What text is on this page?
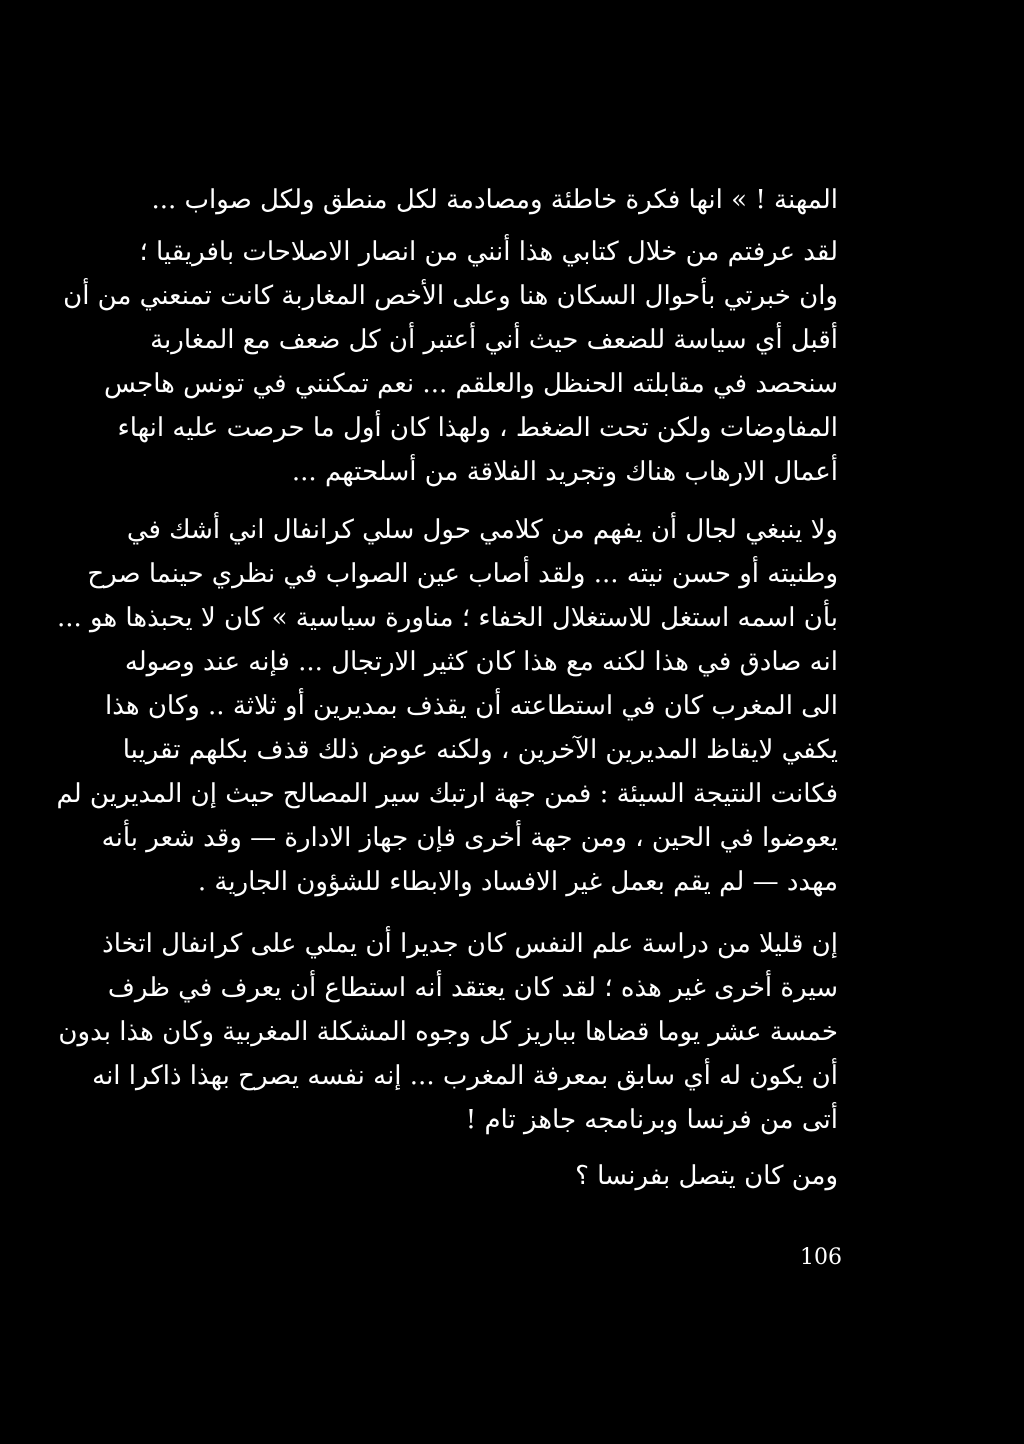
المهنة ! » انها فكرة خاطئة ومصادمة لكل منطق ولكل صواب ...
لقد عرفتم من خلال كتابي هذا أنني من انصار الاصلاحات بافريقيا ؛
وان خبرتي بأحوال السكان هنا وعلى الأخص المغاربة كانت تمنعني من أن
أقبل أي سياسة للضعف حيث أني أعتبر أن كل ضعف مع المغاربة
سنحصد في مقابلته الحنظل والعلقم ... نعم تمكنني في تونس هاجس
المفاوضات ولكن تحت الضغط ، ولهذا كان أول ما حرصت عليه انهاء
أعمال الارهاب هناك وتجريد الفلاقة من أسلحتهم ...
ولا ينبغي لجال أن يفهم من كلامي حول سلي كرانفال اني أشك في
وطنيته أو حسن نيته ... ولقد أصاب عين الصواب في نظري حينما صرح
بأن اسمه استغل للاستغلال الخفاء ؛ مناورة سياسية » كان لا يحبذها هو ...
انه صادق في هذا لكنه مع هذا كان كثير الارتجال ... فإنه عند وصوله
الى المغرب كان في استطاعته أن يقذف بمديرين أو ثلاثة .. وكان هذا
يكفي لايقاظ المديرين الآخرين ، ولكنه عوض ذلك قذف بكلهم تقريبا
فكانت النتيجة السيئة : فمن جهة ارتبك سير المصالح حيث إن المديرين لم
يعوضوا في الحين ، ومن جهة أخرى فإن جهاز الادارة — وقد شعر بأنه
مهدد — لم يقم بعمل غير الافساد والابطاء للشؤون الجارية .
إن قليلا من دراسة علم النفس كان جديرا أن يملي على كرانفال اتخاذ
سيرة أخرى غير هذه ؛ لقد كان يعتقد أنه استطاع أن يعرف في ظرف
خمسة عشر يوما قضاها بباريز كل وجوه المشكلة المغربية وكان هذا بدون
أن يكون له أي سابق بمعرفة المغرب ... إنه نفسه يصرح بهذا ذاكرا انه
أتى من فرنسا وبرنامجه جاهز تام !
ومن كان يتصل بفرنسا ؟
106
